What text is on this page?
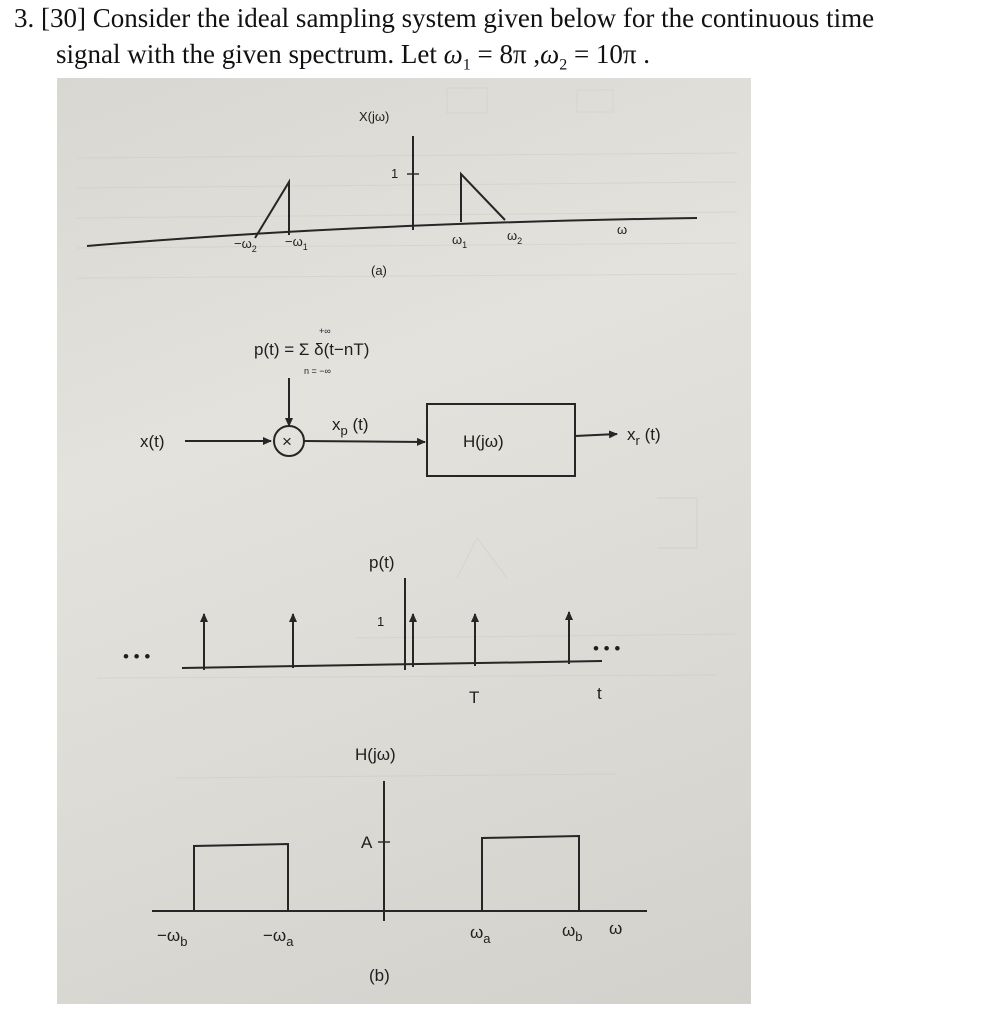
3. [30] Consider the ideal sampling system given below for the continuous time
signal with the given spectrum. Let $\omega_1 = 8\pi$ $,\omega_2 = 10\pi$ .
X(jω)
1
$-\omega_2 -\omega_1$	$\omega_1$
$\omega_2$
ω
(a)
p(t) = Σ δ(t−nT)
+∞
n = −∞
×
x(t)
$x_p$ (t)
H(jω)	$x_r$ (t)
p(t)
1
• • •	• • •
T	t
H(jω)
A
$-\omega_b$	$-\omega_a$	$\omega_a$	$\omega_b$ ω
(b)
